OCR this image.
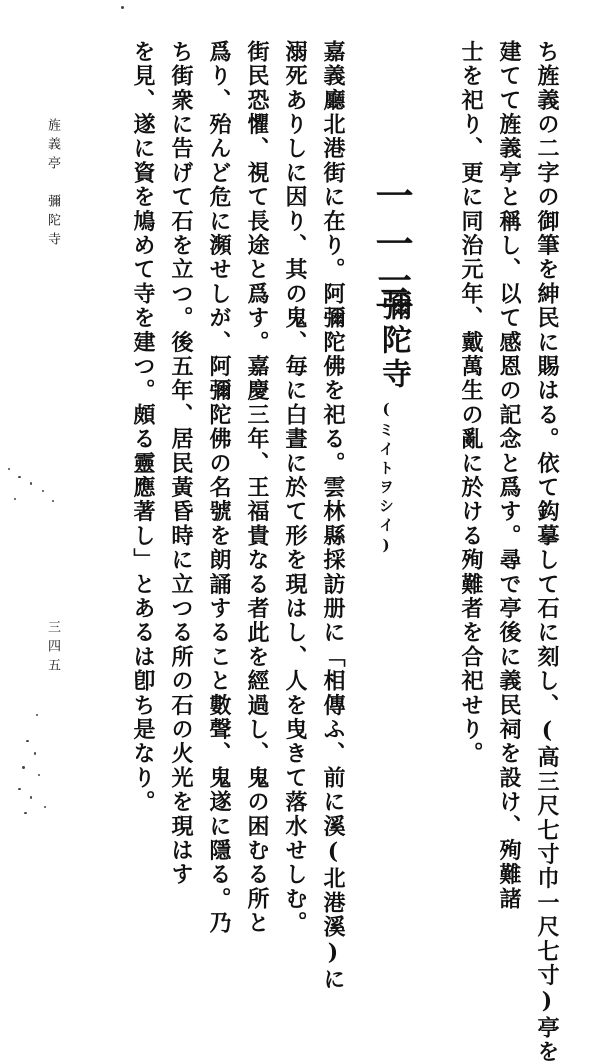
ち旌義の二字の御筆を紳民に賜はる。依て鈎摹して石に刻し、(高三尺七寸巾一尺七寸)亭を
建てて旌義亭と稱し、以て感恩の記念と爲す。尋で亭後に義民祠を設け、殉難諸
士を祀り、更に同治元年、戴萬生の亂に於ける殉難者を合祀せり。
一一三
彌陀寺
(ミイトヲシイ)
嘉義廳北港街に在り。阿彌陀佛を祀る。雲林縣採訪册に「相傳ふ、前に溪(北港溪)に
溺死ありしに因り、其の鬼、毎に白晝に於て形を現はし、人を曳きて落水せしむ。
街民恐懼、視て長途と爲す。嘉慶三年、王福貴なる者此を經過し、鬼の困むる所と
爲り、殆んど危に瀕せしが、阿彌陀佛の名號を朗誦すること數聲、鬼遂に隱る。乃
ち街衆に告げて石を立つ。後五年、居民黃昏時に立つる所の石の火光を現はす
を見、遂に資を鳩めて寺を建つ。頗る靈應著し」とあるは卽ち是なり。
旌義亭　彌陀寺
三四五
